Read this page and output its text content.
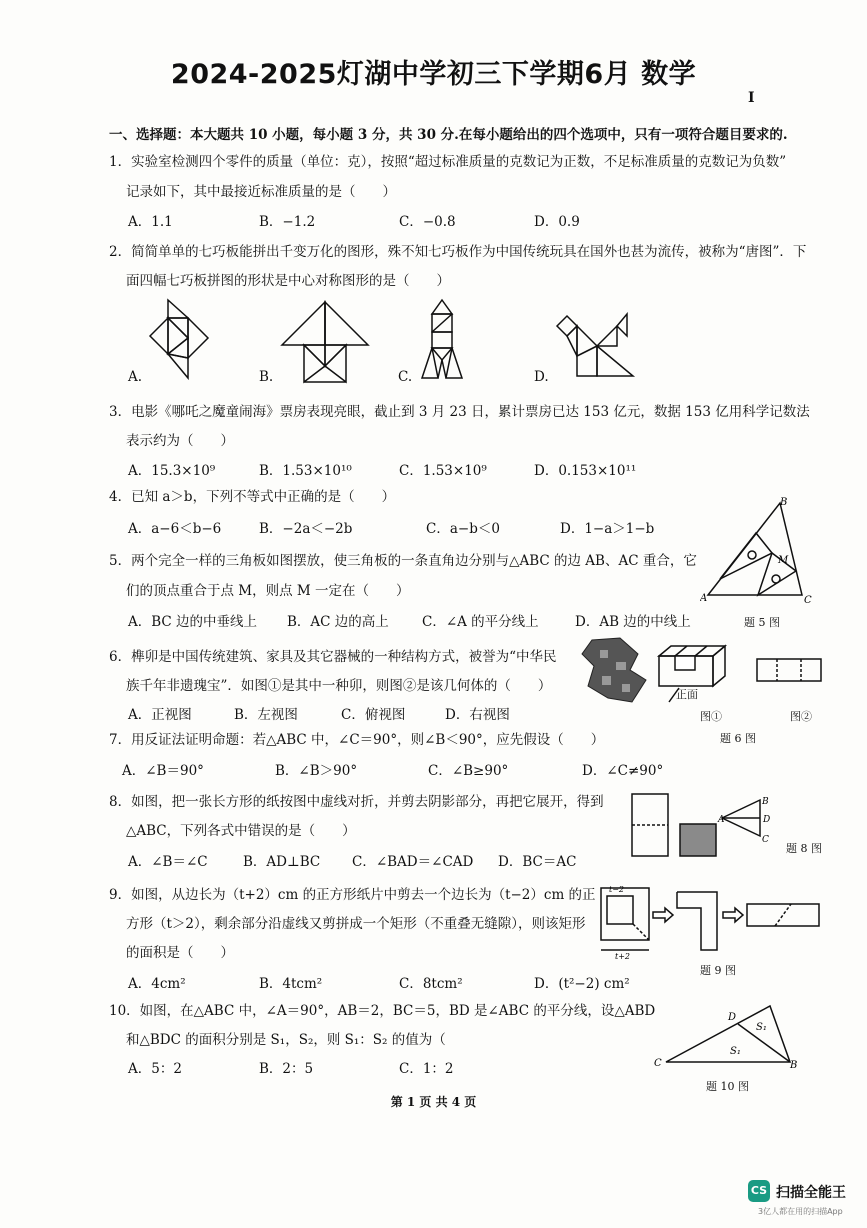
2024-2025灯湖中学初三下学期6月 数学
I
一、选择题：本大题共 10 小题，每小题 3 分，共 30 分.在每小题给出的四个选项中，只有一项符合题目要求的.
1．实验室检测四个零件的质量（单位：克），按照“超过标准质量的克数记为正数，不足标准质量的克数记为负数”
记录如下，其中最接近标准质量的是（　　）
A．1.1	B．−1.2	C．−0.8	D．0.9
2．简简单单的七巧板能拼出千变万化的图形，殊不知七巧板作为中国传统玩具在国外也甚为流传，被称为“唐图”．下
面四幅七巧板拼图的形状是中心对称图形的是（　　）
A.	B.	C.	D.
3．电影《哪吒之魔童闹海》票房表现亮眼，截止到 3 月 23 日，累计票房已达 153 亿元，数据 153 亿用科学记数法
表示约为（　　）
A．15.3×10⁹	B．1.53×10¹⁰	C．1.53×10⁹	D．0.153×10¹¹
4．已知 a＞b，下列不等式中正确的是（　　）
A．a−6＜b−6	B．−2a＜−2b	C．a−b＜0	D．1−a＞1−b
A
B
C
M
5．两个完全一样的三角板如图摆放，使三角板的一条直角边分别与△ABC 的边 AB、AC 重合，它
们的顶点重合于点 M，则点 M 一定在（　　）
A．BC 边的中垂线上 B．AC 边的高上 C．∠A 的平分线上	D．AB 边的中线上	题 5 图
6．榫卯是中国传统建筑、家具及其它器械的一种结构方式，被誉为“中华民
族千年非遗瑰宝”．如图①是其中一种卯，则图②是该几何体的（　　）
A．正视图	B．左视图	C．俯视图	D．右视图
正面
图①	图②
题 6 图
7．用反证法证明命题：若△ABC 中，∠C＝90°，则∠B＜90°，应先假设（　　）
A．∠B＝90°	B．∠B＞90°	C．∠B≥90°	D．∠C≠90°
8．如图，把一张长方形的纸按图中虚线对折，并剪去阴影部分，再把它展开，得到
△ABC，下列各式中错误的是（　　）
A．∠B＝∠C	B．AD⊥BC C．∠BAD＝∠CAD D．BC＝AC
A
B
D
C
题 8 图
9．如图，从边长为（t+2）cm 的正方形纸片中剪去一个边长为（t−2）cm 的正
方形（t＞2），剩余部分沿虚线又剪拼成一个矩形（不重叠无缝隙），则该矩形
的面积是（　　）
A．4cm²	B．4tcm²	C．8tcm²	D．(t²−2) cm²
t−2
t+2
题 9 图
10．如图，在△ABC 中，∠A＝90°，AB＝2，BC＝5，BD 是∠ABC 的平分线，设△ABD
和△BDC 的面积分别是 S₁，S₂，则 S₁：S₂ 的值为（
A．5：2	B．2：5	C．1：2
D
C	B
S₁
S₁
题 10 图
第 1 页 共 4 页
CS 扫描全能王
3亿人都在用的扫描App
